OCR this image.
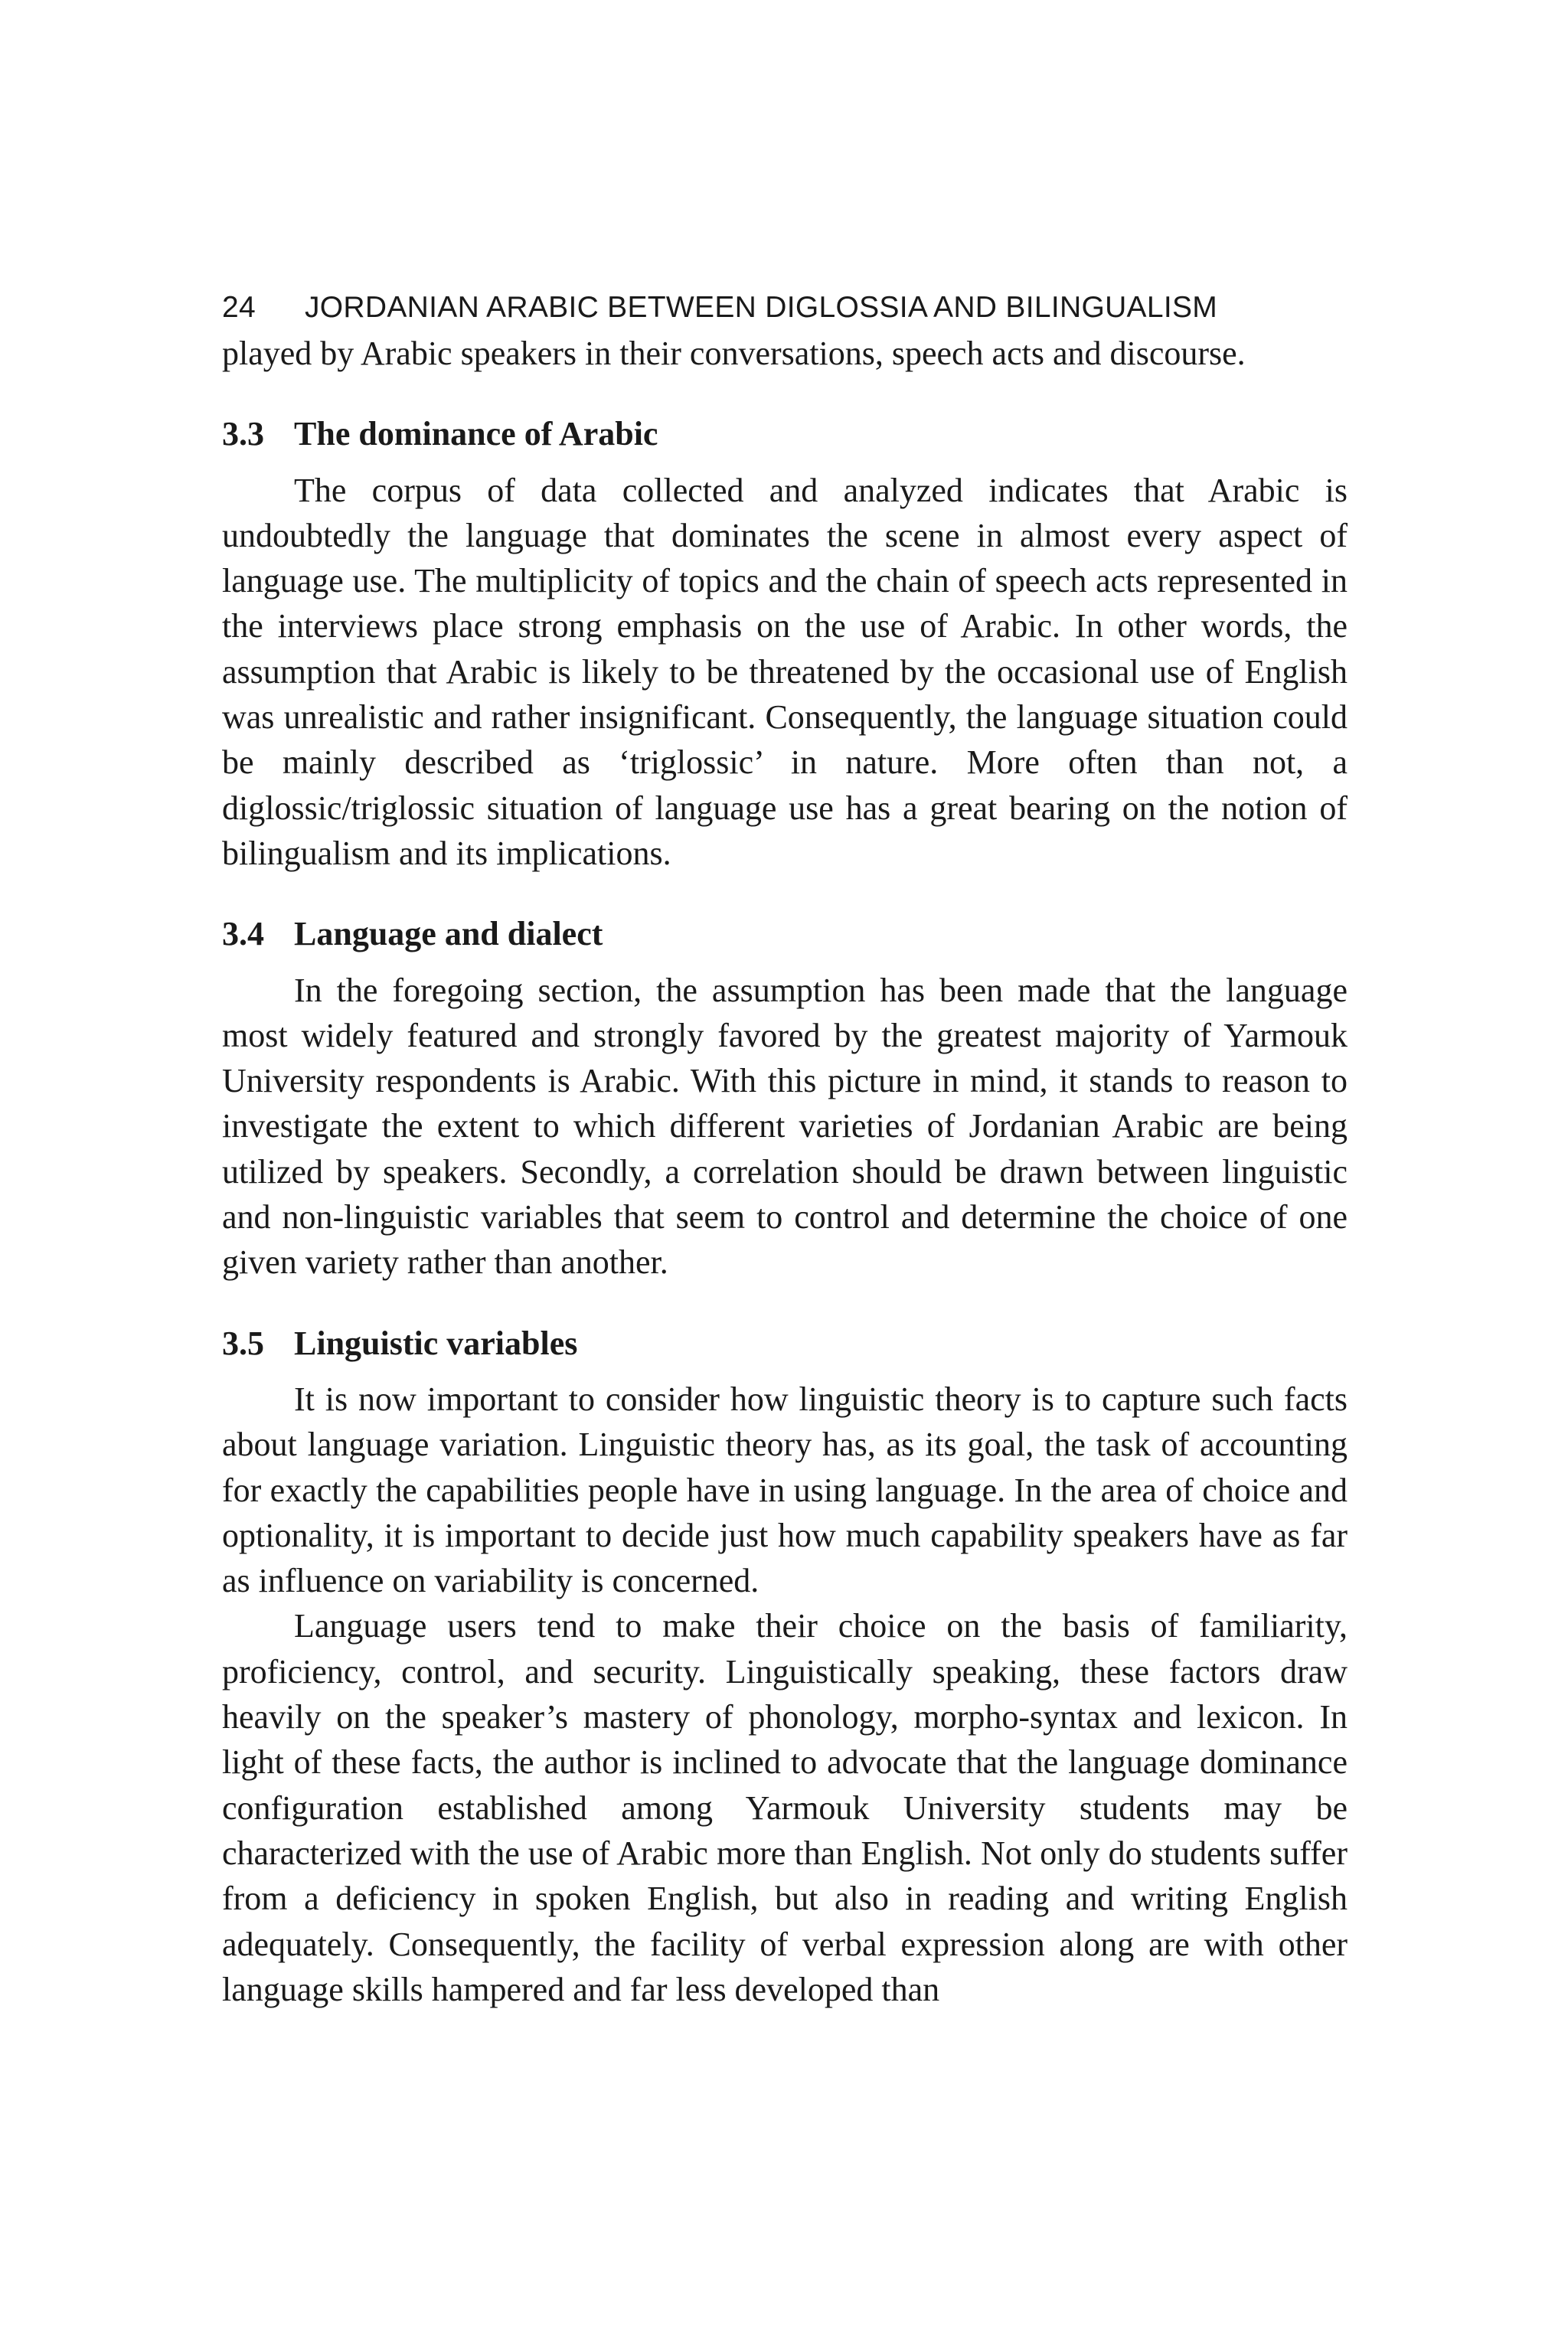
24 JORDANIAN ARABIC BETWEEN DIGLOSSIA AND BILINGUALISM

played by Arabic speakers in their conversations, speech acts and discourse.

3.3 The dominance of Arabic

The corpus of data collected and analyzed indicates that Arabic is undoubtedly the language that dominates the scene in almost every aspect of language use. The multiplicity of topics and the chain of speech acts represented in the interviews place strong emphasis on the use of Arabic. In other words, the assumption that Arabic is likely to be threatened by the occasional use of English was unrealistic and rather insignificant. Consequently, the language situation could be mainly described as ‘triglossic’ in nature. More often than not, a diglossic/triglossic situation of language use has a great bearing on the notion of bilingualism and its implications.

3.4 Language and dialect

In the foregoing section, the assumption has been made that the language most widely featured and strongly favored by the greatest majority of Yarmouk University respondents is Arabic. With this picture in mind, it stands to reason to investigate the extent to which different varieties of Jordanian Arabic are being utilized by speakers. Secondly, a correlation should be drawn between linguistic and non-linguistic variables that seem to control and determine the choice of one given variety rather than another.

3.5 Linguistic variables

It is now important to consider how linguistic theory is to capture such facts about language variation. Linguistic theory has, as its goal, the task of accounting for exactly the capabilities people have in using language. In the area of choice and optionality, it is important to decide just how much capability speakers have as far as influence on variability is concerned.

Language users tend to make their choice on the basis of familiarity, proficiency, control, and security. Linguistically speaking, these factors draw heavily on the speaker’s mastery of phonology, morpho-syntax and lexicon. In light of these facts, the author is inclined to advocate that the language dominance configuration established among Yarmouk University students may be characterized with the use of Arabic more than English. Not only do students suffer from a deficiency in spoken English, but also in reading and writing English adequately. Consequently, the facility of verbal expression along are with other language skills hampered and far less developed than
